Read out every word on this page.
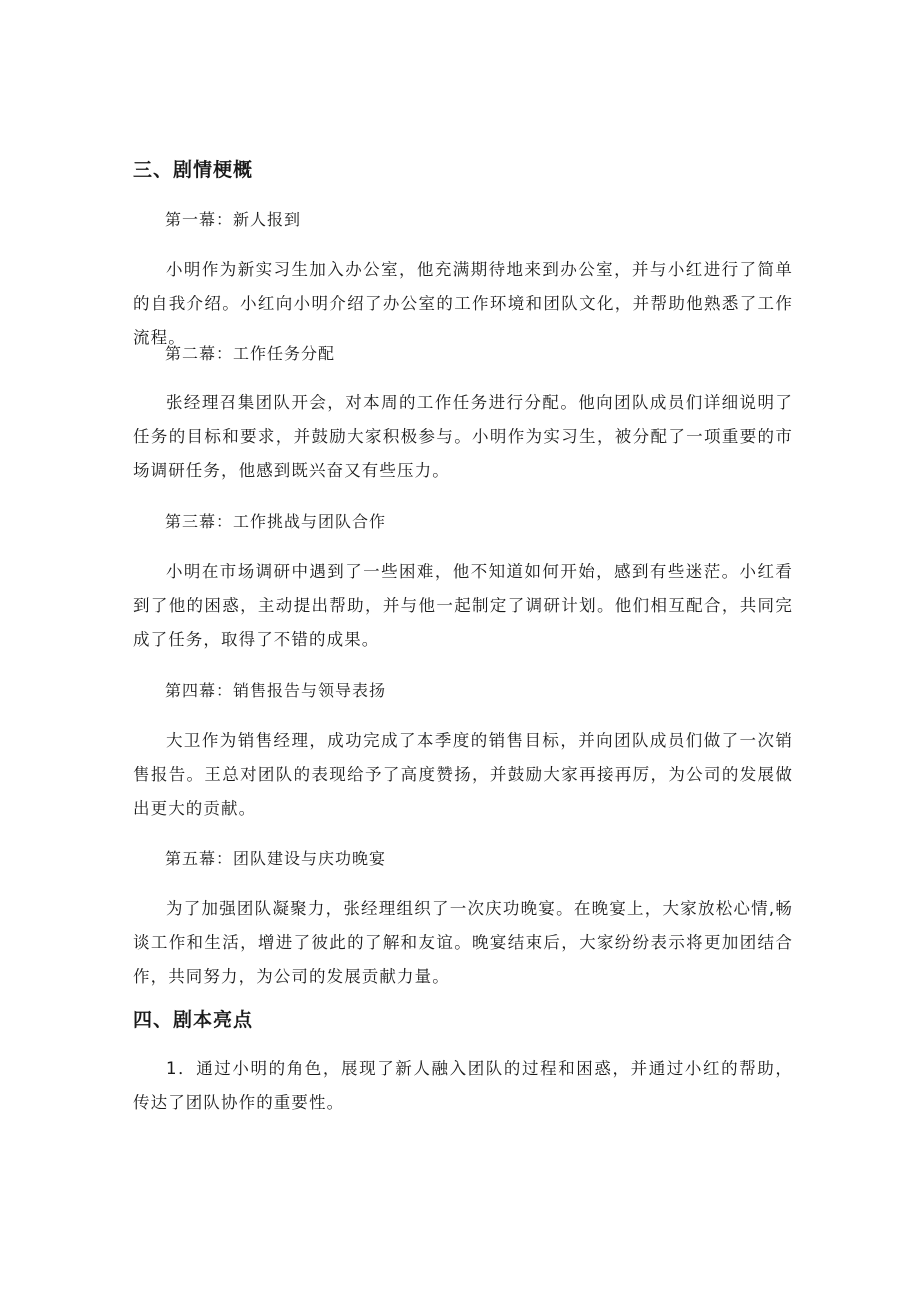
三、剧情梗概
第一幕：新人报到

小明作为新实习生加入办公室，他充满期待地来到办公室，并与小红进行了简单的自我介绍。小红向小明介绍了办公室的工作环境和团队文化，并帮助他熟悉了工作流程。

第二幕：工作任务分配

张经理召集团队开会，对本周的工作任务进行分配。他向团队成员们详细说明了任务的目标和要求，并鼓励大家积极参与。小明作为实习生，被分配了一项重要的市场调研任务，他感到既兴奋又有些压力。

第三幕：工作挑战与团队合作

小明在市场调研中遇到了一些困难，他不知道如何开始，感到有些迷茫。小红看到了他的困惑，主动提出帮助，并与他一起制定了调研计划。他们相互配合，共同完成了任务，取得了不错的成果。

第四幕：销售报告与领导表扬

大卫作为销售经理，成功完成了本季度的销售目标，并向团队成员们做了一次销售报告。王总对团队的表现给予了高度赞扬，并鼓励大家再接再厉，为公司的发展做出更大的贡献。

第五幕：团队建设与庆功晚宴

为了加强团队凝聚力，张经理组织了一次庆功晚宴。在晚宴上，大家放松心情,畅谈工作和生活，增进了彼此的了解和友谊。晚宴结束后，大家纷纷表示将更加团结合作，共同努力，为公司的发展贡献力量。

四、剧本亮点

1．通过小明的角色，展现了新人融入团队的过程和困惑，并通过小红的帮助，传达了团队协作的重要性。
